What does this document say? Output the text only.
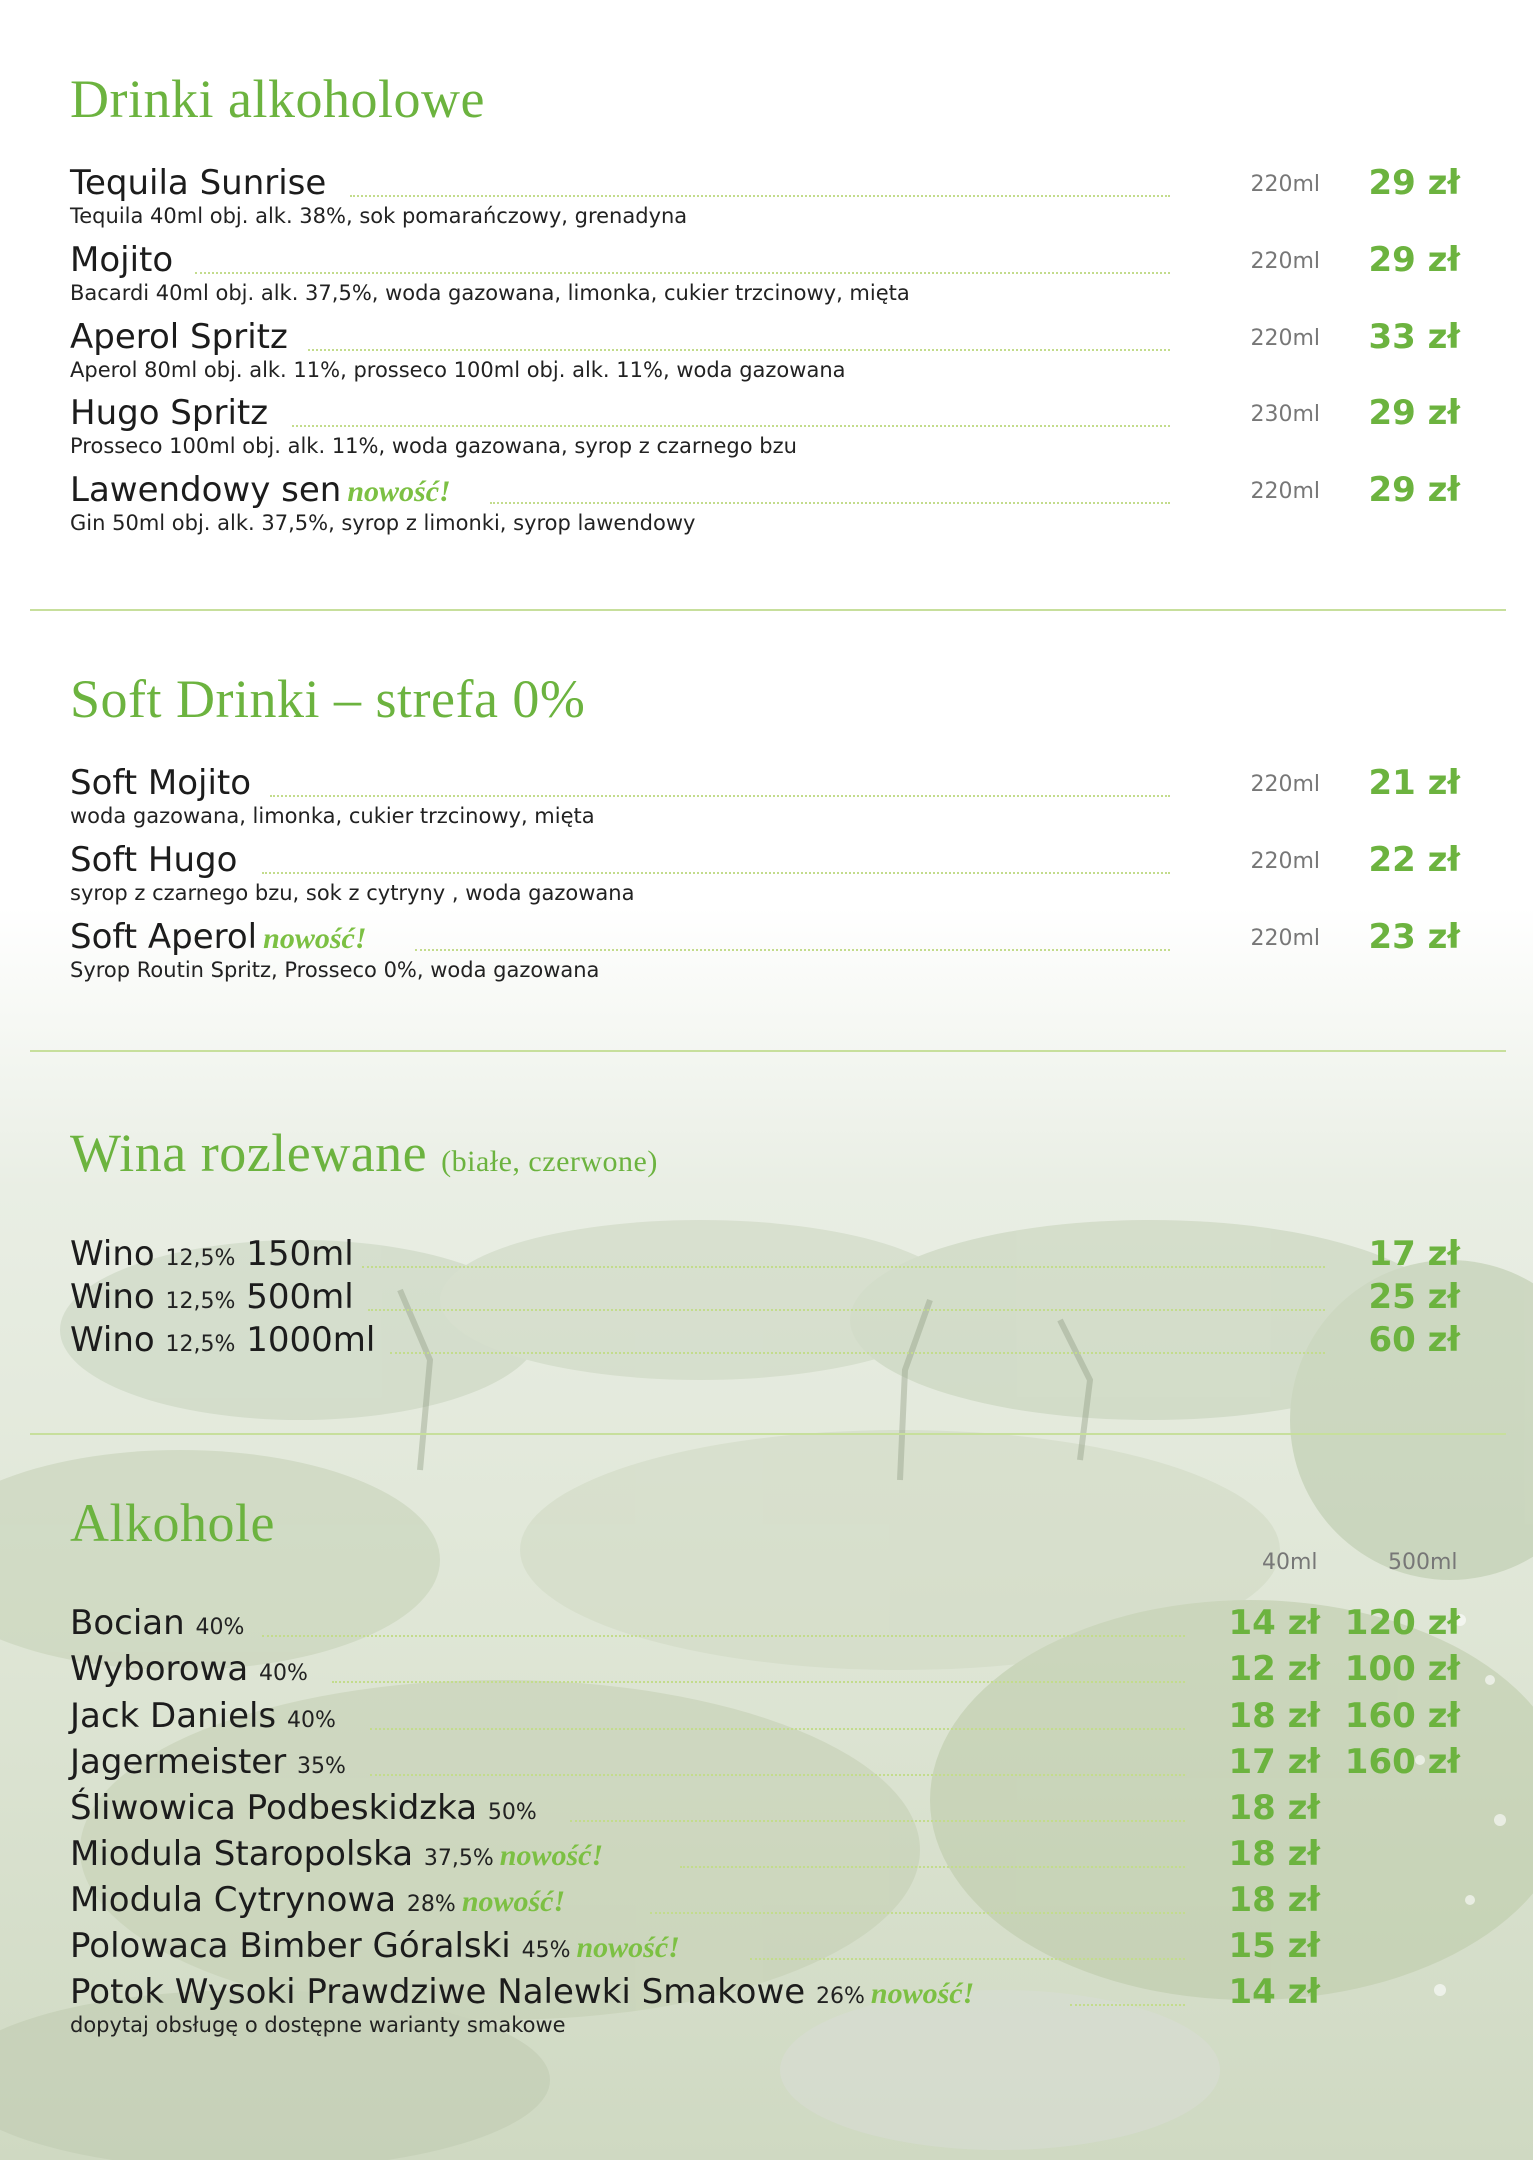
Drinki alkoholowe
Tequila Sunrise	220ml	29 zł
Tequila 40ml obj. alk. 38%, sok pomarańczowy, grenadyna
Mojito	220ml	29 zł
Bacardi 40ml obj. alk. 37,5%, woda gazowana, limonka, cukier trzcinowy, mięta
Aperol Spritz	220ml	33 zł
Aperol 80ml obj. alk. 11%, prosseco 100ml obj. alk. 11%, woda gazowana
Hugo Spritz	230ml	29 zł
Prosseco 100ml obj. alk. 11%, woda gazowana, syrop z czarnego bzu
Lawendowy sen nowość!	220ml	29 zł
Gin 50ml obj. alk. 37,5%, syrop z limonki, syrop lawendowy
Soft Drinki – strefa 0%
Soft Mojito	220ml	21 zł
woda gazowana, limonka, cukier trzcinowy, mięta
Soft Hugo	220ml	22 zł
syrop z czarnego bzu, sok z cytryny , woda gazowana
Soft Aperol nowość!	220ml	23 zł
Syrop Routin Spritz, Prosseco 0%, woda gazowana
Wina rozlewane (białe, czerwone)
Wino 12,5% 150ml	17 zł
Wino 12,5% 500ml	25 zł
Wino 12,5% 1000ml	60 zł
Alkohole
40ml	500ml
Bocian 40%	14 zł 120 zł
Wyborowa 40%	12 zł 100 zł
Jack Daniels 40%	18 zł 160 zł
Jagermeister 35%	17 zł 160 zł
Śliwowica Podbeskidzka 50%	18 zł
Miodula Staropolska 37,5% nowość!	18 zł
Miodula Cytrynowa 28% nowość!	18 zł
Polowaca Bimber Góralski 45% nowość!	15 zł
Potok Wysoki Prawdziwe Nalewki Smakowe 26% nowość!	14 zł
dopytaj obsługę o dostępne warianty smakowe
